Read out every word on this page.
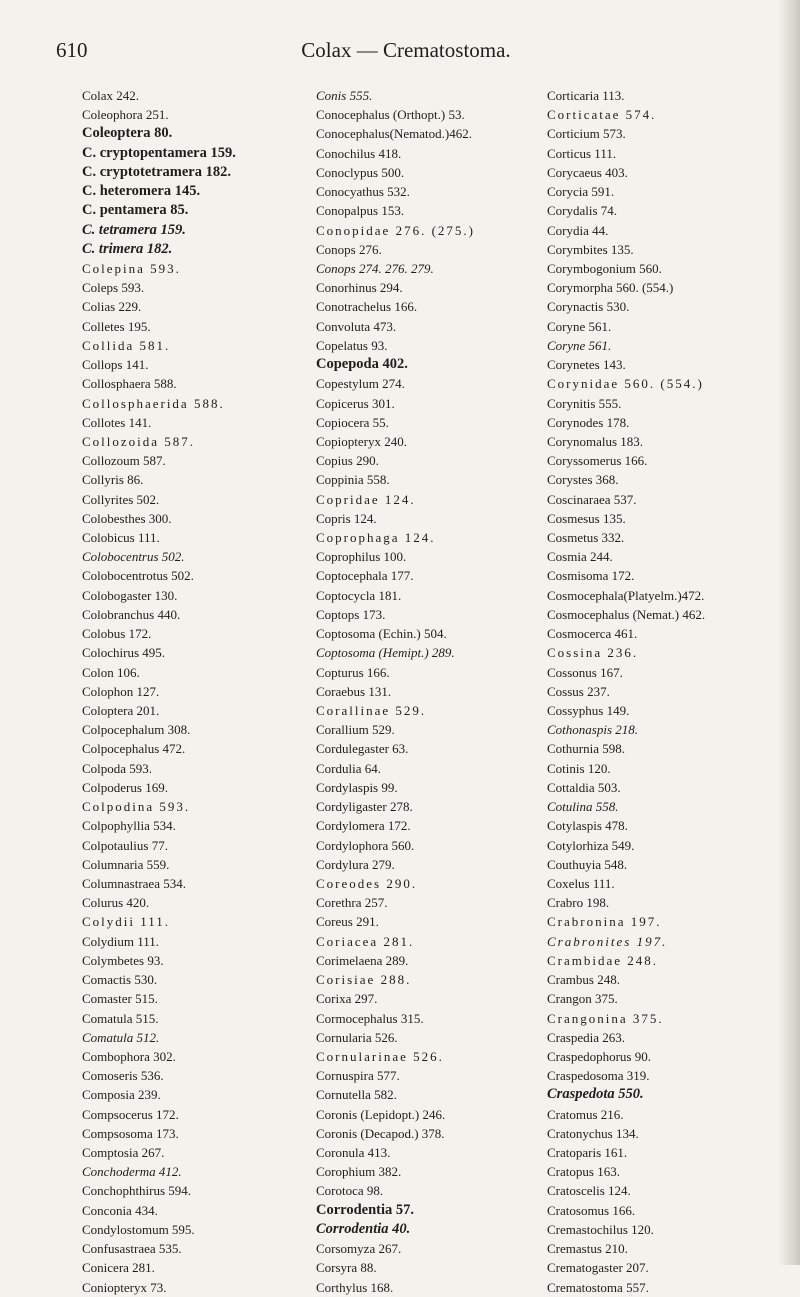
610	Colax — Crematostoma.
Colax 242.
Coleophora 251.
Coleoptera 80.
C. cryptopentamera 159.
C. cryptotetramera 182.
C. heteromera 145.
C. pentamera 85.
C. tetramera 159.
C. trimera 182.
Colepina 593.
Coleps 593.
Colias 229.
Colletes 195.
Collida 581.
Collops 141.
Collosphaera 588.
Collosphaerida 588.
Collotes 141.
Collozoida 587.
Collozoum 587.
Collyris 86.
Collyrites 502.
Colobesthes 300.
Colobicus 111.
Colobocentrus 502.
Colobocentrotus 502.
Colobogaster 130.
Colobranchus 440.
Colobus 172.
Colochirus 495.
Colon 106.
Colophon 127.
Coloptera 201.
Colpocephalum 308.
Colpocephalus 472.
Colpoda 593.
Colpoderus 169.
Colpodina 593.
Colpophyllia 534.
Colpotaulius 77.
Columnaria 559.
Columnastraea 534.
Colurus 420.
Colydii 111.
Colydium 111.
Colymbetes 93.
Comactis 530.
Comaster 515.
Comatula 515.
Comatula 512.
Combophora 302.
Comoseris 536.
Composia 239.
Compsocerus 172.
Compsosoma 173.
Comptosia 267.
Conchoderma 412.
Conchophthirus 594.
Conconia 434.
Condylostomum 595.
Confusastraea 535.
Conicera 281.
Coniopteryx 73.
Conis 555.
Conocephalus (Orthopt.) 53.
Conocephalus(Nematod.)462.
Conochilus 418.
Conoclypus 500.
Conocyathus 532.
Conopalpus 153.
Conopidae 276. (275.)
Conops 276.
Conops 274. 276. 279.
Conorhinus 294.
Conotrachelus 166.
Convoluta 473.
Copelatus 93.
Copepoda 402.
Copestylum 274.
Copicerus 301.
Copiocera 55.
Copiopteryx 240.
Copius 290.
Coppinia 558.
Copridae 124.
Copris 124.
Coprophaga 124.
Coprophilus 100.
Coptocephala 177.
Coptocycla 181.
Coptops 173.
Coptosoma (Echin.) 504.
Coptosoma (Hemipt.) 289.
Copturus 166.
Coraebus 131.
Corallinae 529.
Corallium 529.
Cordulegaster 63.
Cordulia 64.
Cordylaspis 99.
Cordyligaster 278.
Cordylomera 172.
Cordylophora 560.
Cordylura 279.
Coreodes 290.
Corethra 257.
Coreus 291.
Coriacea 281.
Corimelaena 289.
Corisiae 288.
Corixa 297.
Cormocephalus 315.
Cornularia 526.
Cornularinae 526.
Cornuspira 577.
Cornutella 582.
Coronis (Lepidopt.) 246.
Coronis (Decapod.) 378.
Coronula 413.
Corophium 382.
Corotoca 98.
Corrodentia 57.
Corrodentia 40.
Corsomyza 267.
Corsyra 88.
Corthylus 168.
Corticaria 113.
Corticatae 574.
Corticium 573.
Corticus 111.
Corycaeus 403.
Corycia 591.
Corydalis 74.
Corydia 44.
Corymbites 135.
Corymbogonium 560.
Corymorpha 560. (554.)
Corynactis 530.
Coryne 561.
Coryne 561.
Corynetes 143.
Corynidae 560. (554.)
Corynitis 555.
Corynodes 178.
Corynomalus 183.
Coryssomerus 166.
Corystes 368.
Coscinaraea 537.
Cosmesus 135.
Cosmetus 332.
Cosmia 244.
Cosmisoma 172.
Cosmocephala(Platyelm.)472.
Cosmocephalus (Nemat.) 462.
Cosmocerca 461.
Cossina 236.
Cossonus 167.
Cossus 237.
Cossyphus 149.
Cothonaspis 218.
Cothurnia 598.
Cotinis 120.
Cottaldia 503.
Cotulina 558.
Cotylaspis 478.
Cotylorhiza 549.
Couthuyia 548.
Coxelus 111.
Crabro 198.
Crabronina 197.
Crabronites 197.
Crambidae 248.
Crambus 248.
Crangon 375.
Crangonina 375.
Craspedia 263.
Craspedophorus 90.
Craspedosoma 319.
Craspedota 550.
Cratomus 216.
Cratonychus 134.
Cratoparis 161.
Cratopus 163.
Cratoscelis 124.
Cratosomus 166.
Cremastochilus 120.
Cremastus 210.
Crematogaster 207.
Crematostoma 557.
